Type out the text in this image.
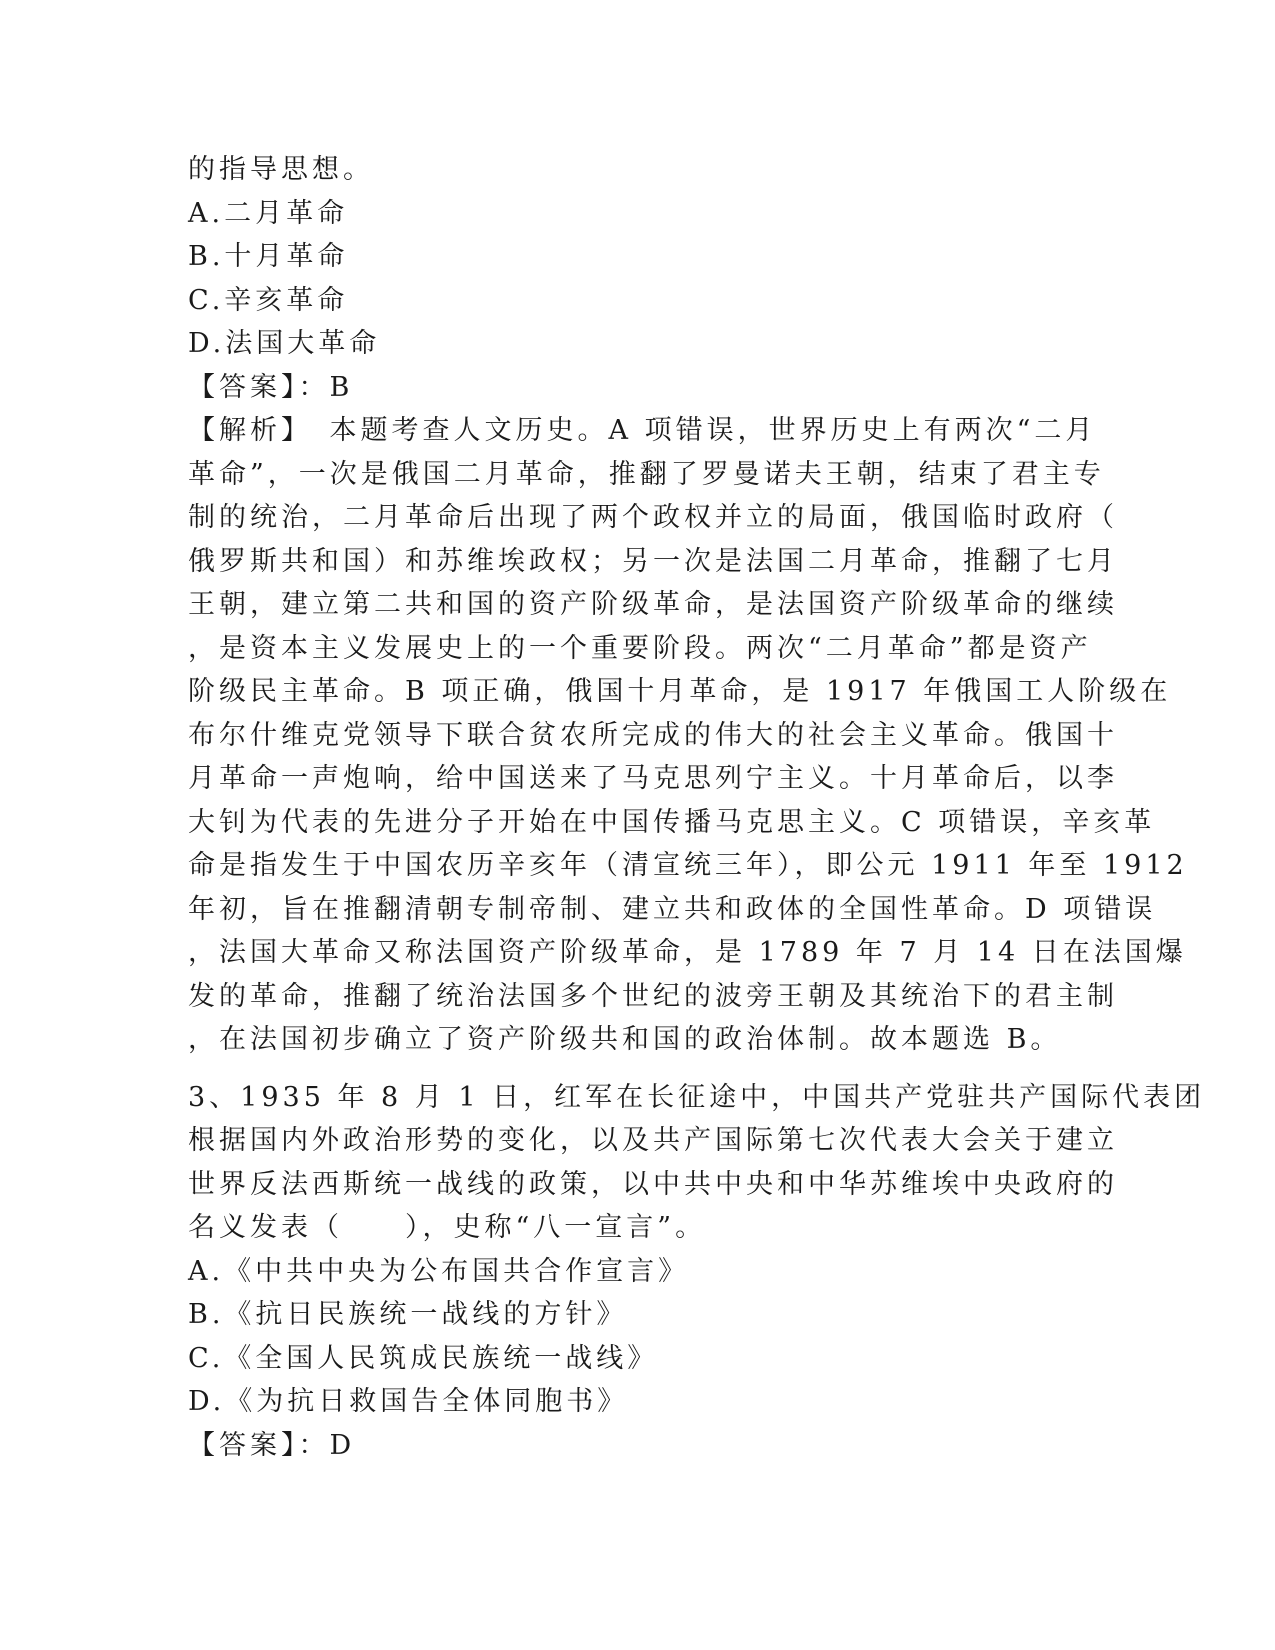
的指导思想。
A.二月革命
B.十月革命
C.辛亥革命
D.法国大革命
【答案】：B
【解析】　本题考查人文历史。A 项错误，世界历史上有两次“二月
革命”，一次是俄国二月革命，推翻了罗曼诺夫王朝，结束了君主专
制的统治，二月革命后出现了两个政权并立的局面，俄国临时政府（
俄罗斯共和国）和苏维埃政权；另一次是法国二月革命，推翻了七月
王朝，建立第二共和国的资产阶级革命，是法国资产阶级革命的继续
，是资本主义发展史上的一个重要阶段。两次“二月革命”都是资产
阶级民主革命。B 项正确，俄国十月革命，是 1917 年俄国工人阶级在
布尔什维克党领导下联合贫农所完成的伟大的社会主义革命。俄国十
月革命一声炮响，给中国送来了马克思列宁主义。十月革命后，以李
大钊为代表的先进分子开始在中国传播马克思主义。C 项错误，辛亥革
命是指发生于中国农历辛亥年（清宣统三年），即公元 1911 年至 1912
年初，旨在推翻清朝专制帝制、建立共和政体的全国性革命。D 项错误
，法国大革命又称法国资产阶级革命，是 1789 年 7 月 14 日在法国爆
发的革命，推翻了统治法国多个世纪的波旁王朝及其统治下的君主制
，在法国初步确立了资产阶级共和国的政治体制。故本题选 B。
3、1935 年 8 月 1 日，红军在长征途中，中国共产党驻共产国际代表团
根据国内外政治形势的变化，以及共产国际第七次代表大会关于建立
世界反法西斯统一战线的政策，以中共中央和中华苏维埃中央政府的
名义发表（　　），史称“八一宣言”。
A.《中共中央为公布国共合作宣言》
B.《抗日民族统一战线的方针》
C.《全国人民筑成民族统一战线》
D.《为抗日救国告全体同胞书》
【答案】：D
